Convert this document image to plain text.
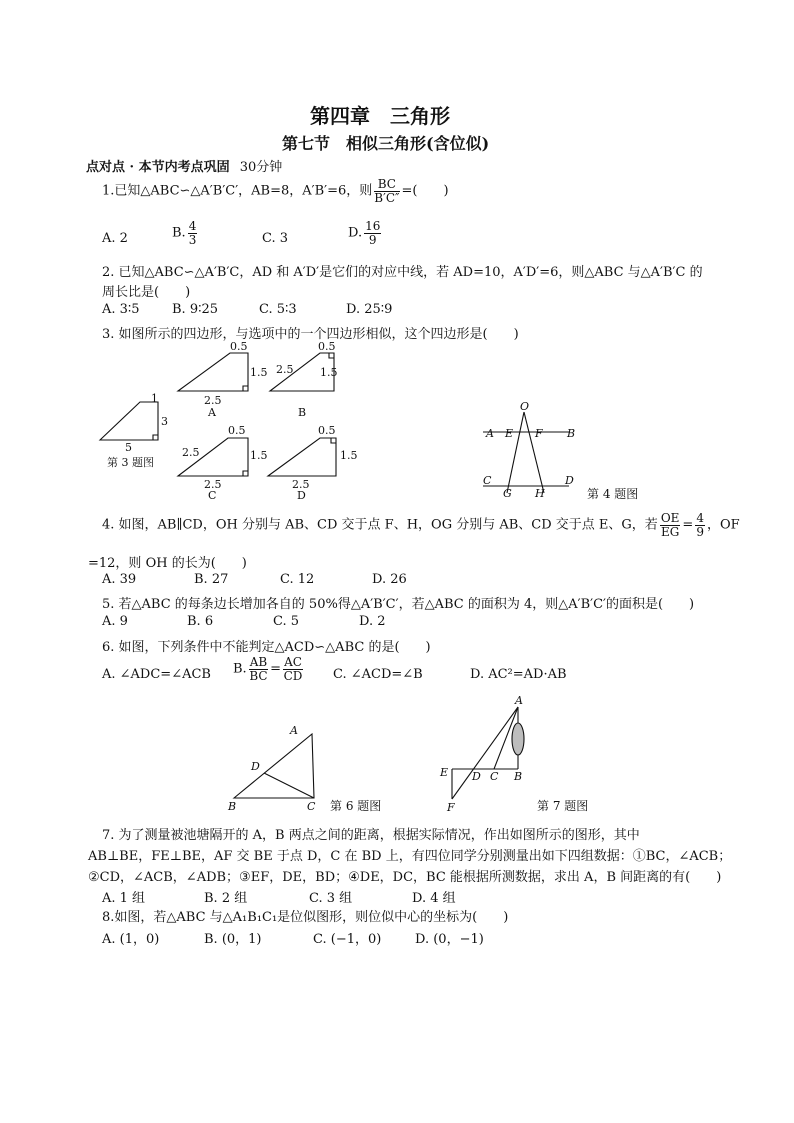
第四章　三角形
第七节　相似三角形(含位似)
点对点 · 本节内考点巩固 30分钟
1.已知△ABC∽△A′B′C′，AB=8，A′B′=6，则 $\frac{BC}{B'C''}$ =(　　)
A. 2	B. $\frac{4}{3}$	C. 3	D. $\frac{16}{9}$
2. 已知△ABC∽△A′B′C，AD 和 A′D′是它们的对应中线，若 AD=10，A′D′=6，则△ABC 与△A′B′C 的
周长比是(　　)
A. 3∶5 B. 9∶25	C. 5∶3	D. 25∶9
3. 如图所示的四边形，与选项中的一个四边形相似，这个四边形是(　　)
1
3
5
第 3 题图
0.5
1.5
2.5
A
0.5
2.5 1.5
B
0.5
2.5	1.5
2.5
C
0.5
1.5
2.5
D
O
A E F B
C
G H
D
第 4 题图
4. 如图，AB∥CD，OH 分别与 AB、CD 交于点 F、H，OG 分别与 AB、CD 交于点 E、G，若 $\frac{OE}{EG} = \frac{4}{9}$ ，OF
=12，则 OH 的长为(　　)
A. 39	B. 27	C. 12	D. 26
5. 若△ABC 的每条边长增加各自的 50%得△A′B′C′，若△ABC 的面积为 4，则△A′B′C′的面积是(　　)
A. 9	B. 6	C. 5	D. 2
6. 如图，下列条件中不能判定△ACD∽△ABC 的是(　　)
A. ∠ADC=∠ACB B. $\frac{AB}{BC} = \frac{AC}{CD} C$. ∠ACD=∠B	D. AC²=AD·AB
A
D
B	C 第 6 题图
A
E D C B
F	第 7 题图
7. 为了测量被池塘隔开的 A，B 两点之间的距离，根据实际情况，作出如图所示的图形，其中
AB⊥BE，FE⊥BE，AF 交 BE 于点 D，C 在 BD 上，有四位同学分别测量出如下四组数据：①BC，∠ACB；
②CD，∠ACB，∠ADB；③EF，DE，BD；④DE，DC，BC 能根据所测数据，求出 A，B 间距离的有(　　)
A. 1 组	B. 2 组	C. 3 组	D. 4 组
8.如图，若△ABC 与△A₁B₁C₁是位似图形，则位似中心的坐标为(　　)
A. (1，0)	B. (0，1)	C. (−1，0)	D. (0，−1)
